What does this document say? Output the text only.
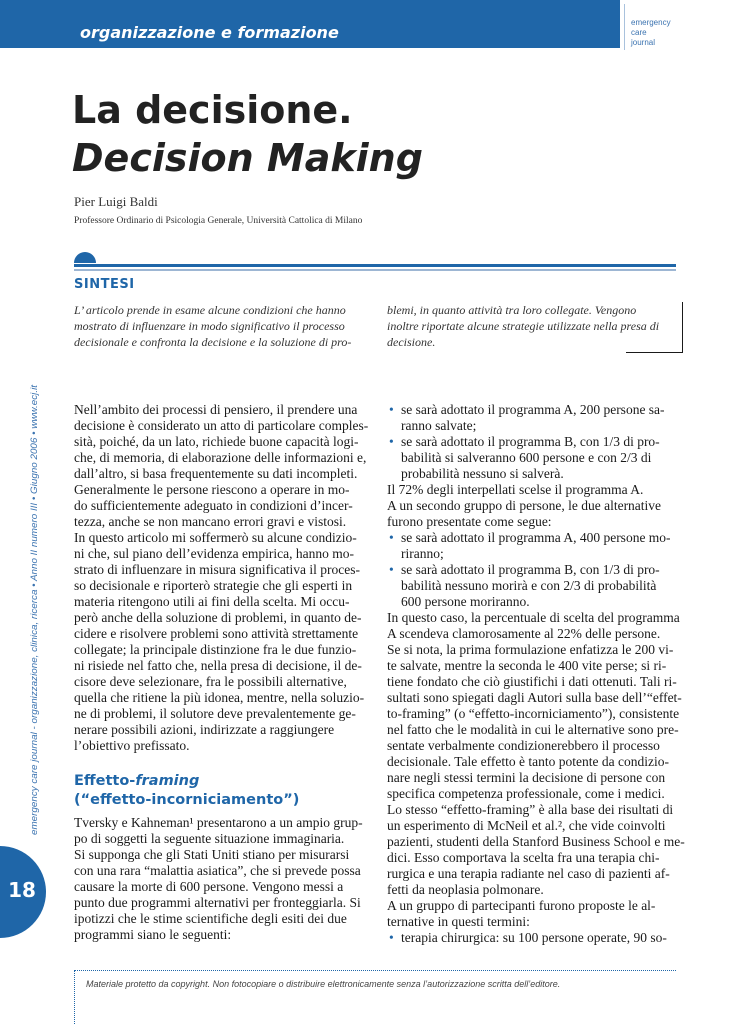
organizzazione e formazione
emergency
care
journal
La decisione.
Decision Making
Pier Luigi Baldi
Professore Ordinario di Psicologia Generale, Università Cattolica di Milano
SINTESI
L’ articolo prende in esame alcune condizioni che hanno
mostrato di influenzare in modo significativo il processo
decisionale e confronta la decisione e la soluzione di pro-
blemi, in quanto attività tra loro collegate. Vengono
inoltre riportate alcune strategie utilizzate nella presa di
decisione.
emergency care journal - organizzazione, clinica, ricerca • Anno II numero III • Giugno 2006 • www.ecj.it
18
Nell’ambito dei processi di pensiero, il prendere una
decisione è considerato un atto di particolare comples-
sità, poiché, da un lato, richiede buone capacità logi-
che, di memoria, di elaborazione delle informazioni e,
dall’altro, si basa frequentemente su dati incompleti.
Generalmente le persone riescono a operare in mo-
do sufficientemente adeguato in condizioni d’incer-
tezza, anche se non mancano errori gravi e vistosi.
In questo articolo mi soffermerò su alcune condizio-
ni che, sul piano dell’evidenza empirica, hanno mo-
strato di influenzare in misura significativa il proces-
so decisionale e riporterò strategie che gli esperti in
materia ritengono utili ai fini della scelta. Mi occu-
però anche della soluzione di problemi, in quanto de-
cidere e risolvere problemi sono attività strettamente
collegate; la principale distinzione fra le due funzio-
ni risiede nel fatto che, nella presa di decisione, il de-
cisore deve selezionare, fra le possibili alternative,
quella che ritiene la più idonea, mentre, nella soluzio-
ne di problemi, il solutore deve prevalentemente ge-
nerare possibili azioni, indirizzate a raggiungere
l’obiettivo prefissato.
Effetto-framing
(“effetto-incorniciamento”)
Tversky e Kahneman¹ presentarono a un ampio grup-
po di soggetti la seguente situazione immaginaria.
Si supponga che gli Stati Uniti stiano per misurarsi
con una rara “malattia asiatica”, che si prevede possa
causare la morte di 600 persone. Vengono messi a
punto due programmi alternativi per fronteggiarla. Si
ipotizzi che le stime scientifiche degli esiti dei due
programmi siano le seguenti:
• se sarà adottato il programma A, 200 persone sa-
ranno salvate;
• se sarà adottato il programma B, con 1/3 di pro-
babilità si salveranno 600 persone e con 2/3 di
probabilità nessuno si salverà.
Il 72% degli interpellati scelse il programma A.
A un secondo gruppo di persone, le due alternative
furono presentate come segue:
• se sarà adottato il programma A, 400 persone mo-
riranno;
• se sarà adottato il programma B, con 1/3 di pro-
babilità nessuno morirà e con 2/3 di probabilità
600 persone moriranno.
In questo caso, la percentuale di scelta del programma
A scendeva clamorosamente al 22% delle persone.
Se si nota, la prima formulazione enfatizza le 200 vi-
te salvate, mentre la seconda le 400 vite perse; si ri-
tiene fondato che ciò giustifichi i dati ottenuti. Tali ri-
sultati sono spiegati dagli Autori sulla base dell’“effet-
to-framing” (o “effetto-incorniciamento”), consistente
nel fatto che le modalità in cui le alternative sono pre-
sentate verbalmente condizionerebbero il processo
decisionale. Tale effetto è tanto potente da condizio-
nare negli stessi termini la decisione di persone con
specifica competenza professionale, come i medici.
Lo stesso “effetto-framing” è alla base dei risultati di
un esperimento di McNeil et al.², che vide coinvolti
pazienti, studenti della Stanford Business School e me-
dici. Esso comportava la scelta fra una terapia chi-
rurgica e una terapia radiante nel caso di pazienti af-
fetti da neoplasia polmonare.
A un gruppo di partecipanti furono proposte le al-
ternative in questi termini:
• terapia chirurgica: su 100 persone operate, 90 so-
Materiale protetto da copyright. Non fotocopiare o distribuire elettronicamente senza l’autorizzazione scritta dell’editore.
